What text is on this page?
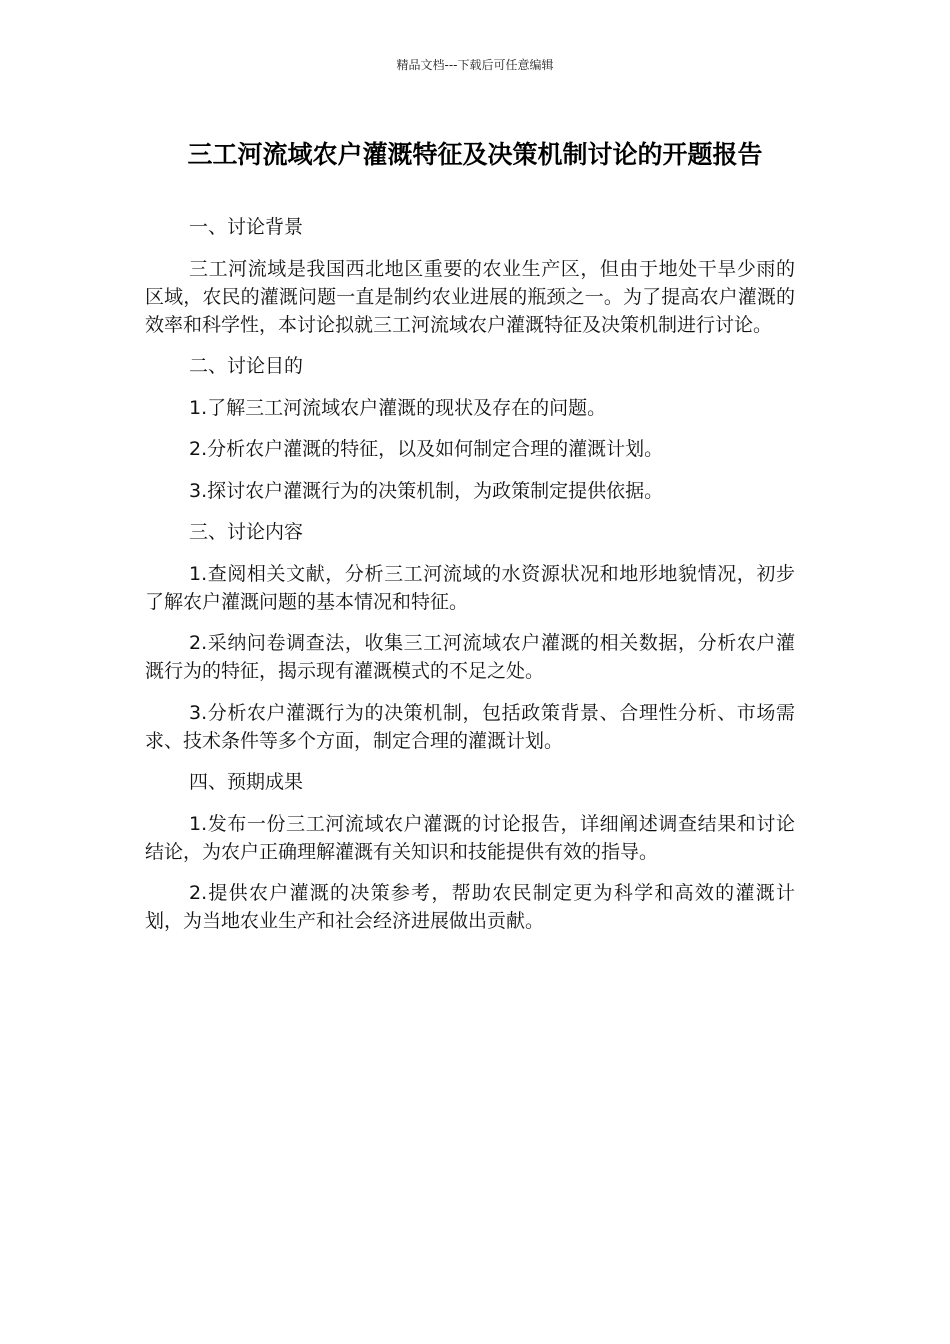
精品文档---下载后可任意编辑
三工河流域农户灌溉特征及决策机制讨论的开题报告

一、讨论背景

三工河流域是我国西北地区重要的农业生产区，但由于地处干旱少雨的区域，农民的灌溉问题一直是制约农业进展的瓶颈之一。为了提高农户灌溉的效率和科学性，本讨论拟就三工河流域农户灌溉特征及决策机制进行讨论。

二、讨论目的

1.了解三工河流域农户灌溉的现状及存在的问题。

2.分析农户灌溉的特征，以及如何制定合理的灌溉计划。

3.探讨农户灌溉行为的决策机制，为政策制定提供依据。

三、讨论内容

1.查阅相关文献，分析三工河流域的水资源状况和地形地貌情况，初步了解农户灌溉问题的基本情况和特征。

2.采纳问卷调查法，收集三工河流域农户灌溉的相关数据，分析农户灌溉行为的特征，揭示现有灌溉模式的不足之处。

3.分析农户灌溉行为的决策机制，包括政策背景、合理性分析、市场需求、技术条件等多个方面，制定合理的灌溉计划。

四、预期成果

1.发布一份三工河流域农户灌溉的讨论报告，详细阐述调查结果和讨论结论，为农户正确理解灌溉有关知识和技能提供有效的指导。

2.提供农户灌溉的决策参考，帮助农民制定更为科学和高效的灌溉计划，为当地农业生产和社会经济进展做出贡献。
